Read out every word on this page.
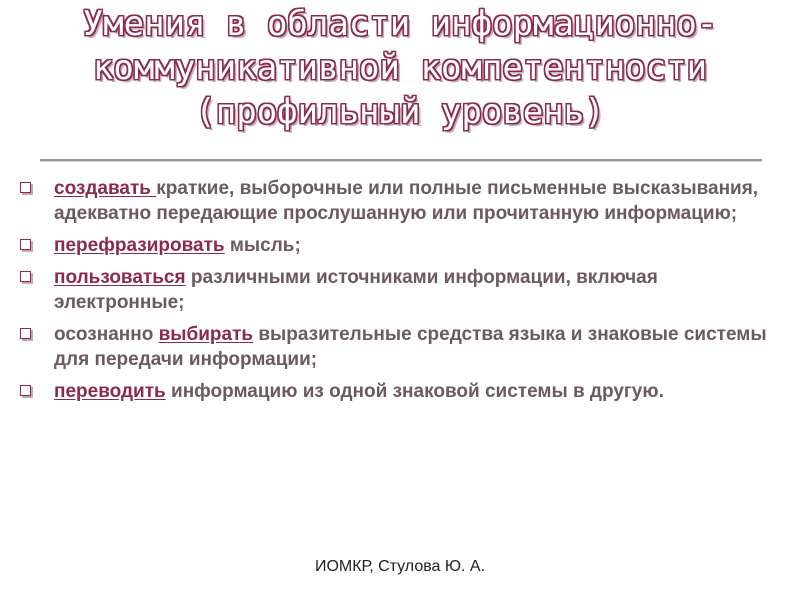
Умения в области информационно-
коммуникативной компетентности
(профильный уровень)
создавать краткие, выборочные или полные письменные высказывания, адекватно передающие прослушанную или прочитанную информацию;
перефразировать мысль;
пользоваться различными источниками информации, включая электронные;
осознанно выбирать выразительные средства языка и знаковые системы для передачи информации;
переводить информацию из одной знаковой системы в другую.
ИОМКР, Стулова Ю. А.
